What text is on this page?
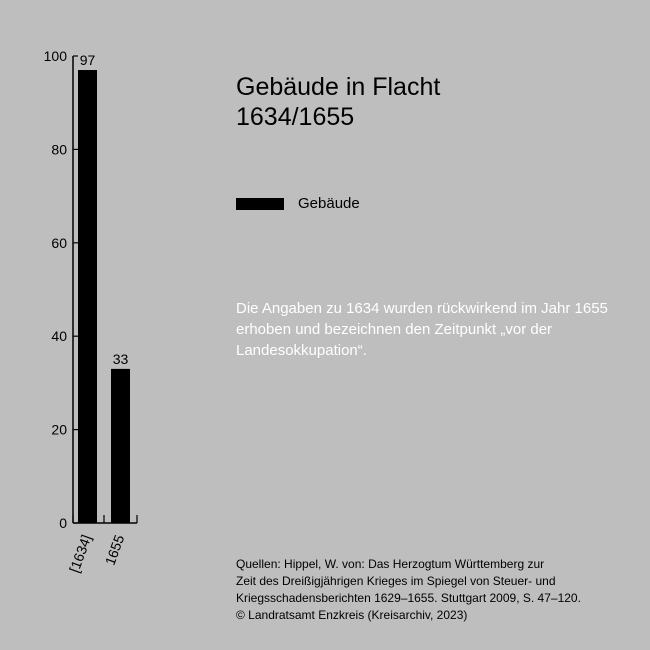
0
20
40
60
80
100 97
[1634]
33
1655
Gebäude in Flacht
1634/1655
Gebäude

Die Angaben zu 1634 wurden rückwirkend im Jahr 1655 erhoben und bezeichnen den Zeitpunkt „vor der Landesokkupation“.

Quellen: Hippel, W. von: Das Herzogtum Württemberg zur
Zeit des Dreißigjährigen Krieges im Spiegel von Steuer- und
Kriegsschadensberichten 1629–1655. Stuttgart 2009, S. 47–120.
© Landratsamt Enzkreis (Kreisarchiv, 2023)
